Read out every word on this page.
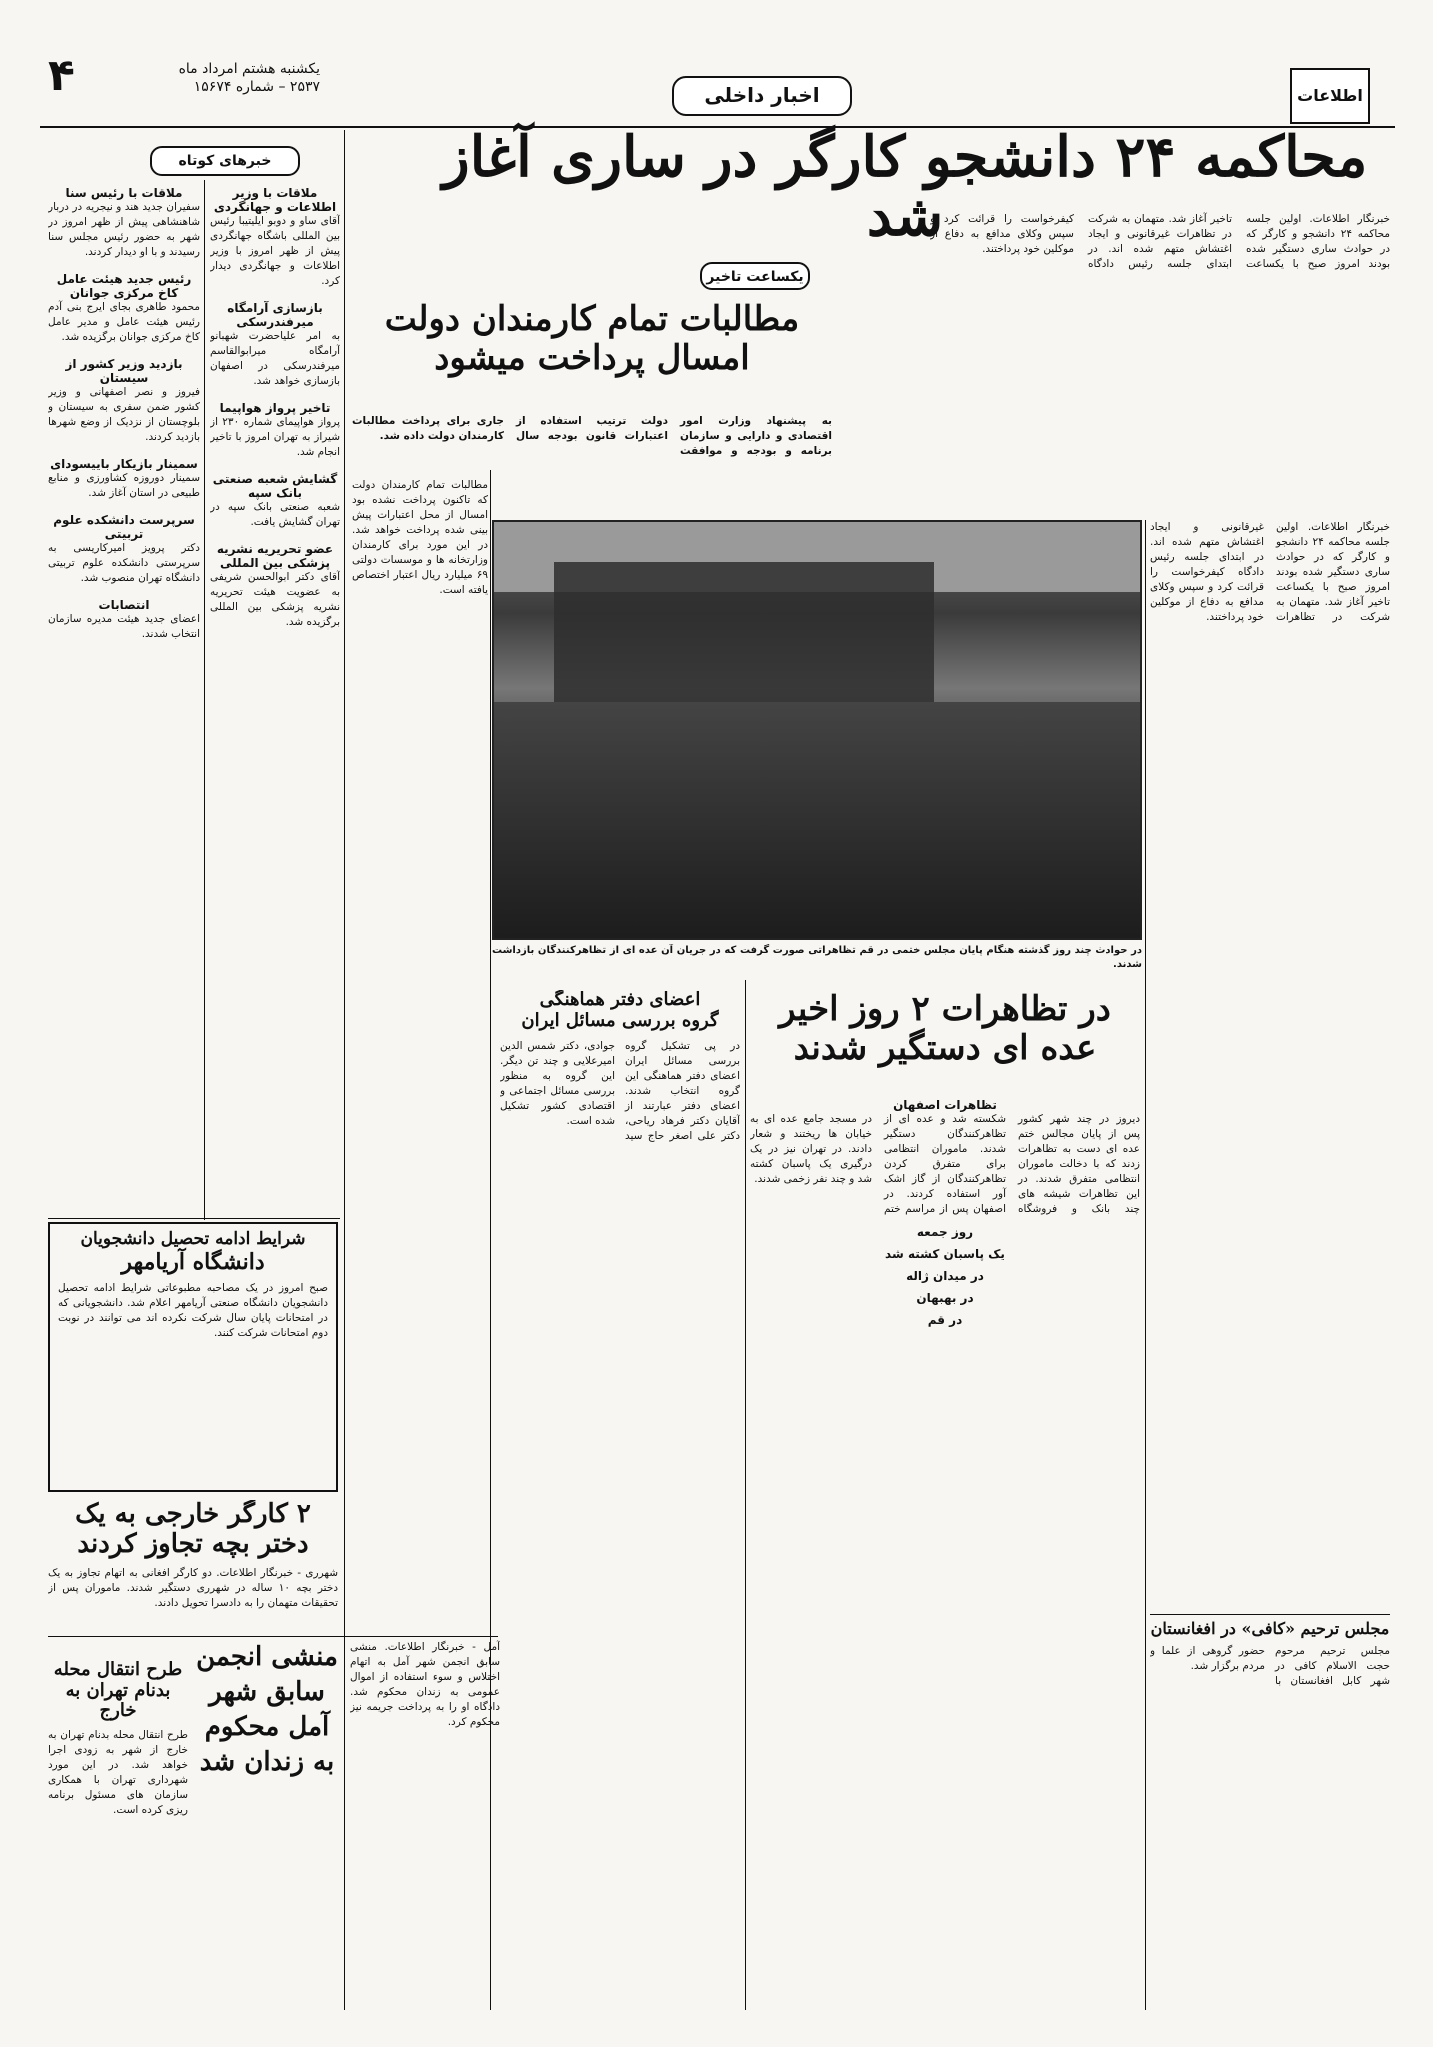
یکشنبه هشتم امرداد ماه
۲۵۳۷ – شماره ۱۵۶۷۴
۴	اخبار داخلی	اطلاعات
محاکمه ۲۴ دانشجو کارگر در ساری آغاز شد
خبرهای کوتاه
ملاقات با رئیس سنا
سفیران جدید هند و نیجریه در دربار شاهنشاهی پیش از ظهر امروز در شهر به حضور رئیس مجلس سنا رسیدند و با او دیدار کردند.
رئیس جدید هیئت عامل کاخ مرکزی جوانان
محمود طاهری بجای ایرج بنی آدم رئیس هیئت عامل و مدیر عامل کاخ مرکزی جوانان برگزیده شد.
بازدید وزیر کشور از سیستان
فیروز و نصر اصفهانی و وزیر کشور ضمن سفری به سیستان و بلوچستان از نزدیک از وضع شهرها بازدید کردند.
سمینار بازیکار باییسودای
سمینار دوروزه کشاورزی و منابع طبیعی در استان آغاز شد.
سرپرست دانشکده علوم تربیتی
دکتر پرویز امیرکاریسی به سرپرستی دانشکده علوم تربیتی دانشگاه تهران منصوب شد.
انتصابات
اعضای جدید هیئت مدیره سازمان انتخاب شدند.
ملاقات با وزیر اطلاعات و جهانگردی
آقای ساو و دوبو ایلیتیبا رئیس بین المللی باشگاه جهانگردی پیش از ظهر امروز با وزیر اطلاعات و جهانگردی دیدار کرد.
بازسازی آرامگاه میرفندرسکی
به امر علیاحضرت شهبانو آرامگاه میرابوالقاسم میرفندرسکی در اصفهان بازسازی خواهد شد.
تاخیر پرواز هواپیما
پرواز هواپیمای شماره ۲۳۰ از شیراز به تهران امروز با تاخیر انجام شد.
گشایش شعبه صنعتی بانک سپه
شعبه صنعتی بانک سپه در تهران گشایش یافت.
عضو تحریریه نشریه پزشکی بین المللی
آقای دکتر ابوالحسن شریفی به عضویت هیئت تحریریه نشریه پزشکی بین المللی برگزیده شد.
شرایط ادامه تحصیل دانشجویان
دانشگاه آریامهر
صبح امروز در یک مصاحبه مطبوعاتی شرایط ادامه تحصیل دانشجویان دانشگاه صنعتی آریامهر اعلام شد. دانشجویانی که در امتحانات پایان سال شرکت نکرده اند می توانند در نوبت دوم امتحانات شرکت کنند.
۲ کارگر خارجی به یک
دختر بچه تجاوز کردند
شهرری - خبرنگار اطلاعات. دو کارگر افغانی به اتهام تجاوز به یک دختر بچه ۱۰ ساله در شهرری دستگیر شدند. ماموران پس از تحقیقات متهمان را به دادسرا تحویل دادند.
طرح انتقال محله بدنام تهران به خارج
طرح انتقال محله بدنام تهران به خارج از شهر به زودی اجرا خواهد شد. در این مورد شهرداری تهران با همکاری سازمان های مسئول برنامه ریزی کرده است.
منشی انجمن سابق شهر آمل محکوم به زندان شد
آمل - خبرنگار اطلاعات. منشی سابق انجمن شهر آمل به اتهام اختلاس و سوء استفاده از اموال عمومی به زندان محکوم شد. دادگاه او را به پرداخت جریمه نیز محکوم کرد.
خبرنگار اطلاعات. اولین جلسه محاکمه ۲۴ دانشجو و کارگر که در حوادث ساری دستگیر شده بودند امروز صبح با یکساعت تاخیر آغاز شد. متهمان به شرکت در تظاهرات غیرقانونی و ایجاد اغتشاش متهم شده اند. در ابتدای جلسه رئیس دادگاه کیفرخواست را قرائت کرد و سپس وکلای مدافع به دفاع از موکلین خود پرداختند.
یکساعت تاخیر
خبرنگار اطلاعات. اولین جلسه محاکمه ۲۴ دانشجو و کارگر که در حوادث ساری دستگیر شده بودند امروز صبح با یکساعت تاخیر آغاز شد. متهمان به شرکت در تظاهرات غیرقانونی و ایجاد اغتشاش متهم شده اند. در ابتدای جلسه رئیس دادگاه کیفرخواست را قرائت کرد و سپس وکلای مدافع به دفاع از موکلین خود پرداختند.
مطالبات تمام کارمندان دولت
امسال پرداخت میشود
به پیشنهاد وزارت امور اقتصادی و دارایی و سازمان برنامه و بودجه و موافقت دولت ترتیب استفاده از اعتبارات قانون بودجه سال جاری برای پرداخت مطالبات کارمندان دولت داده شد.
مطالبات تمام کارمندان دولت که تاکنون پرداخت نشده بود امسال از محل اعتبارات پیش بینی شده پرداخت خواهد شد. در این مورد برای کارمندان وزارتخانه ها و موسسات دولتی ۶۹ میلیارد ریال اعتبار اختصاص یافته است.
در حوادث چند روز گذشته هنگام پایان مجلس ختمی در قم تظاهراتی صورت گرفت که در جریان آن عده ای از تظاهرکنندگان بازداشت شدند.
در تظاهرات ۲ روز اخیر
عده ای دستگیر شدند
تظاهرات اصفهان
دیروز در چند شهر کشور پس از پایان مجالس ختم عده ای دست به تظاهرات زدند که با دخالت ماموران انتظامی متفرق شدند. در این تظاهرات شیشه های چند بانک و فروشگاه شکسته شد و عده ای از تظاهرکنندگان دستگیر شدند. ماموران انتظامی برای متفرق کردن تظاهرکنندگان از گاز اشک آور استفاده کردند. در اصفهان پس از مراسم ختم در مسجد جامع عده ای به خیابان ها ریختند و شعار دادند. در تهران نیز در یک درگیری یک پاسبان کشته شد و چند نفر زخمی شدند.
روز جمعه
یک پاسبان کشته شد
در میدان ژاله
در بهبهان
در قم
اعضای دفتر هماهنگی
گروه بررسی مسائل ایران
در پی تشکیل گروه بررسی مسائل ایران اعضای دفتر هماهنگی این گروه انتخاب شدند. اعضای دفتر عبارتند از آقایان دکتر فرهاد ریاحی، دکتر علی اصغر حاج سید جوادی، دکتر شمس الدین امیرعلایی و چند تن دیگر. این گروه به منظور بررسی مسائل اجتماعی و اقتصادی کشور تشکیل شده است.
مجلس ترحیم «کافی» در افغانستان
مجلس ترحیم مرحوم حجت الاسلام کافی در شهر کابل افغانستان با حضور گروهی از علما و مردم برگزار شد.
